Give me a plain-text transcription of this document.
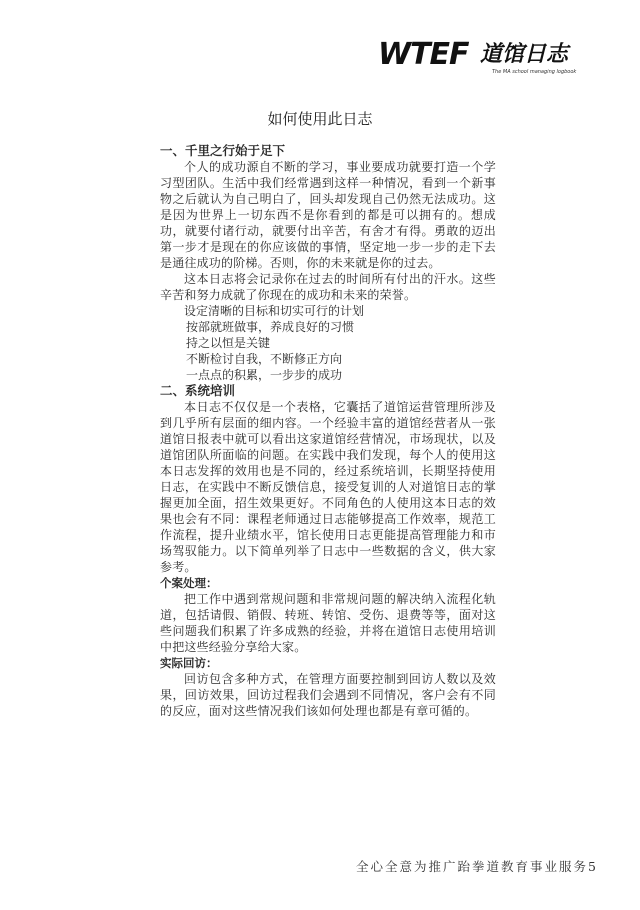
WTEF 道馆日志
The MA school managing logbook
如何使用此日志
一、千里之行始于足下

个人的成功源自不断的学习，事业要成功就要打造一个学习型团队。生活中我们经常遇到这样一种情况，看到一个新事物之后就认为自己明白了，回头却发现自己仍然无法成功。这是因为世界上一切东西不是你看到的都是可以拥有的。想成功，就要付诸行动，就要付出辛苦，有舍才有得。勇敢的迈出第一步才是现在的你应该做的事情，坚定地一步一步的走下去是通往成功的阶梯。否则，你的未来就是你的过去。

这本日志将会记录你在过去的时间所有付出的汗水。这些辛苦和努力成就了你现在的成功和未来的荣誉。

设定清晰的目标和切实可行的计划
按部就班做事，养成良好的习惯
持之以恒是关键
不断检讨自我，不断修正方向
一点点的积累，一步步的成功
二、系统培训

本日志不仅仅是一个表格，它囊括了道馆运营管理所涉及到几乎所有层面的细内容。一个经验丰富的道馆经营者从一张道馆日报表中就可以看出这家道馆经营情况，市场现状，以及道馆团队所面临的问题。在实践中我们发现，每个人的使用这本日志发挥的效用也是不同的，经过系统培训，长期坚持使用日志，在实践中不断反馈信息，接受复训的人对道馆日志的掌握更加全面，招生效果更好。不同角色的人使用这本日志的效果也会有不同：课程老师通过日志能够提高工作效率，规范工作流程，提升业绩水平，馆长使用日志更能提高管理能力和市场驾驭能力。以下简单列举了日志中一些数据的含义，供大家参考。

个案处理：

把工作中遇到常规问题和非常规问题的解决纳入流程化轨道，包括请假、销假、转班、转馆、受伤、退费等等，面对这些问题我们积累了许多成熟的经验，并将在道馆日志使用培训中把这些经验分享给大家。

实际回访：

回访包含多种方式，在管理方面要控制到回访人数以及效果，回访效果，回访过程我们会遇到不同情况，客户会有不同的反应，面对这些情况我们该如何处理也都是有章可循的。

全心全意为推广跆拳道教育事业服务5
